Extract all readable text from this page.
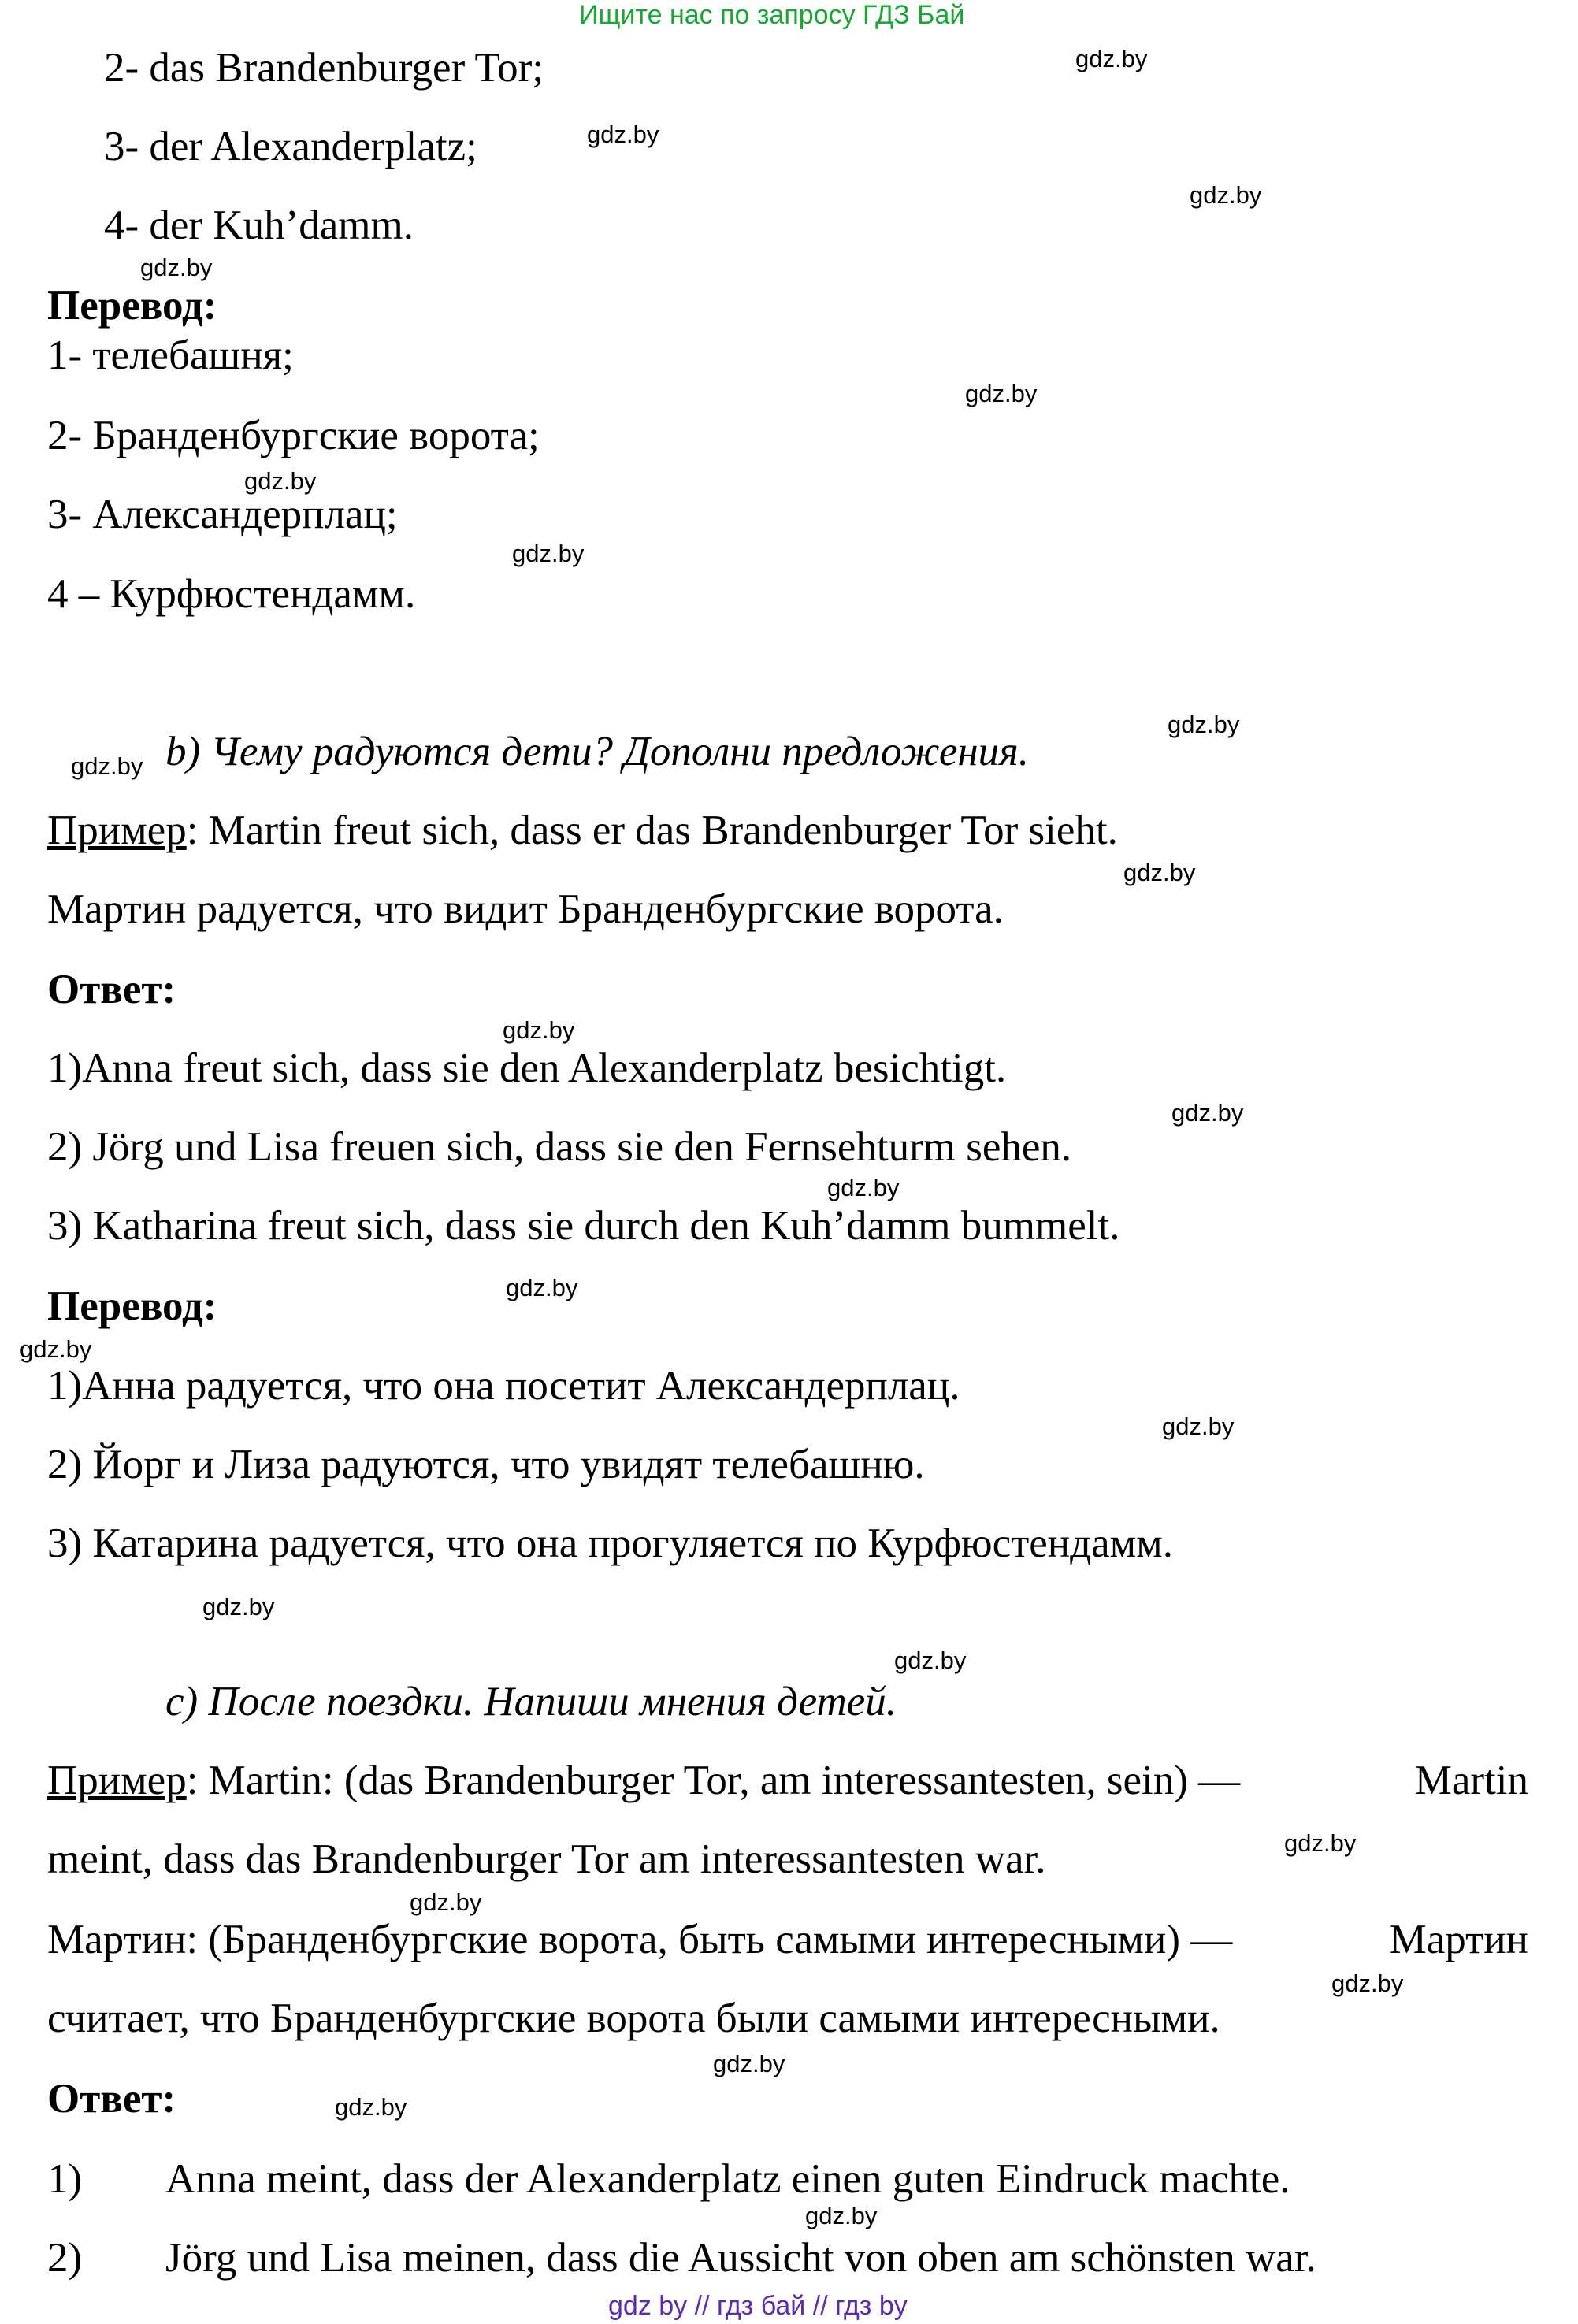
Ищите нас по запросу ГДЗ Бай
2- das Brandenburger Tor;
3- der Alexanderplatz;
4- der Kuh’damm.
Перевод:
1- телебашня;
2- Бранденбургские ворота;
3- Александерплац;
4 – Курфюстендамм.
b) Чему радуются дети? Дополни предложения.
Пример: Martin freut sich, dass er das Brandenburger Tor sieht.
Мартин радуется, что видит Бранденбургские ворота.
Ответ:
1)Anna freut sich, dass sie den Alexanderplatz besichtigt.
2) Jörg und Lisa freuen sich, dass sie den Fernsehturm sehen.
3) Katharina freut sich, dass sie durch den Kuh’damm bummelt.
Перевод:
1)Анна радуется, что она посетит Александерплац.
2) Йорг и Лиза радуются, что увидят телебашню.
3) Катарина радуется, что она прогуляется по Курфюстендамм.
c) После поездки. Напиши мнения детей.
Пример: Martin: (das Brandenburger Tor, am interessantesten, sein) —	Martin
meint, dass das Brandenburger Tor am interessantesten war.
Мартин: (Бранденбургские ворота, быть самыми интересными) —	Мартин
считает, что Бранденбургские ворота были самыми интересными.
Ответ:
1) Anna meint, dass der Alexanderplatz einen guten Eindruck machte.
2) Jörg und Lisa meinen, dass die Aussicht von oben am schönsten war.
gdz by // гдз бай // гдз by
gdz.by
gdz.by
gdz.by
gdz.by
gdz.by
gdz.by
gdz.by
gdz.by
gdz.by
gdz.by
gdz.by
gdz.by
gdz.by
gdz.by
gdz.by
gdz.by
gdz.by
gdz.by
gdz.by
gdz.by
gdz.by
gdz.by
gdz.by
gdz.by
